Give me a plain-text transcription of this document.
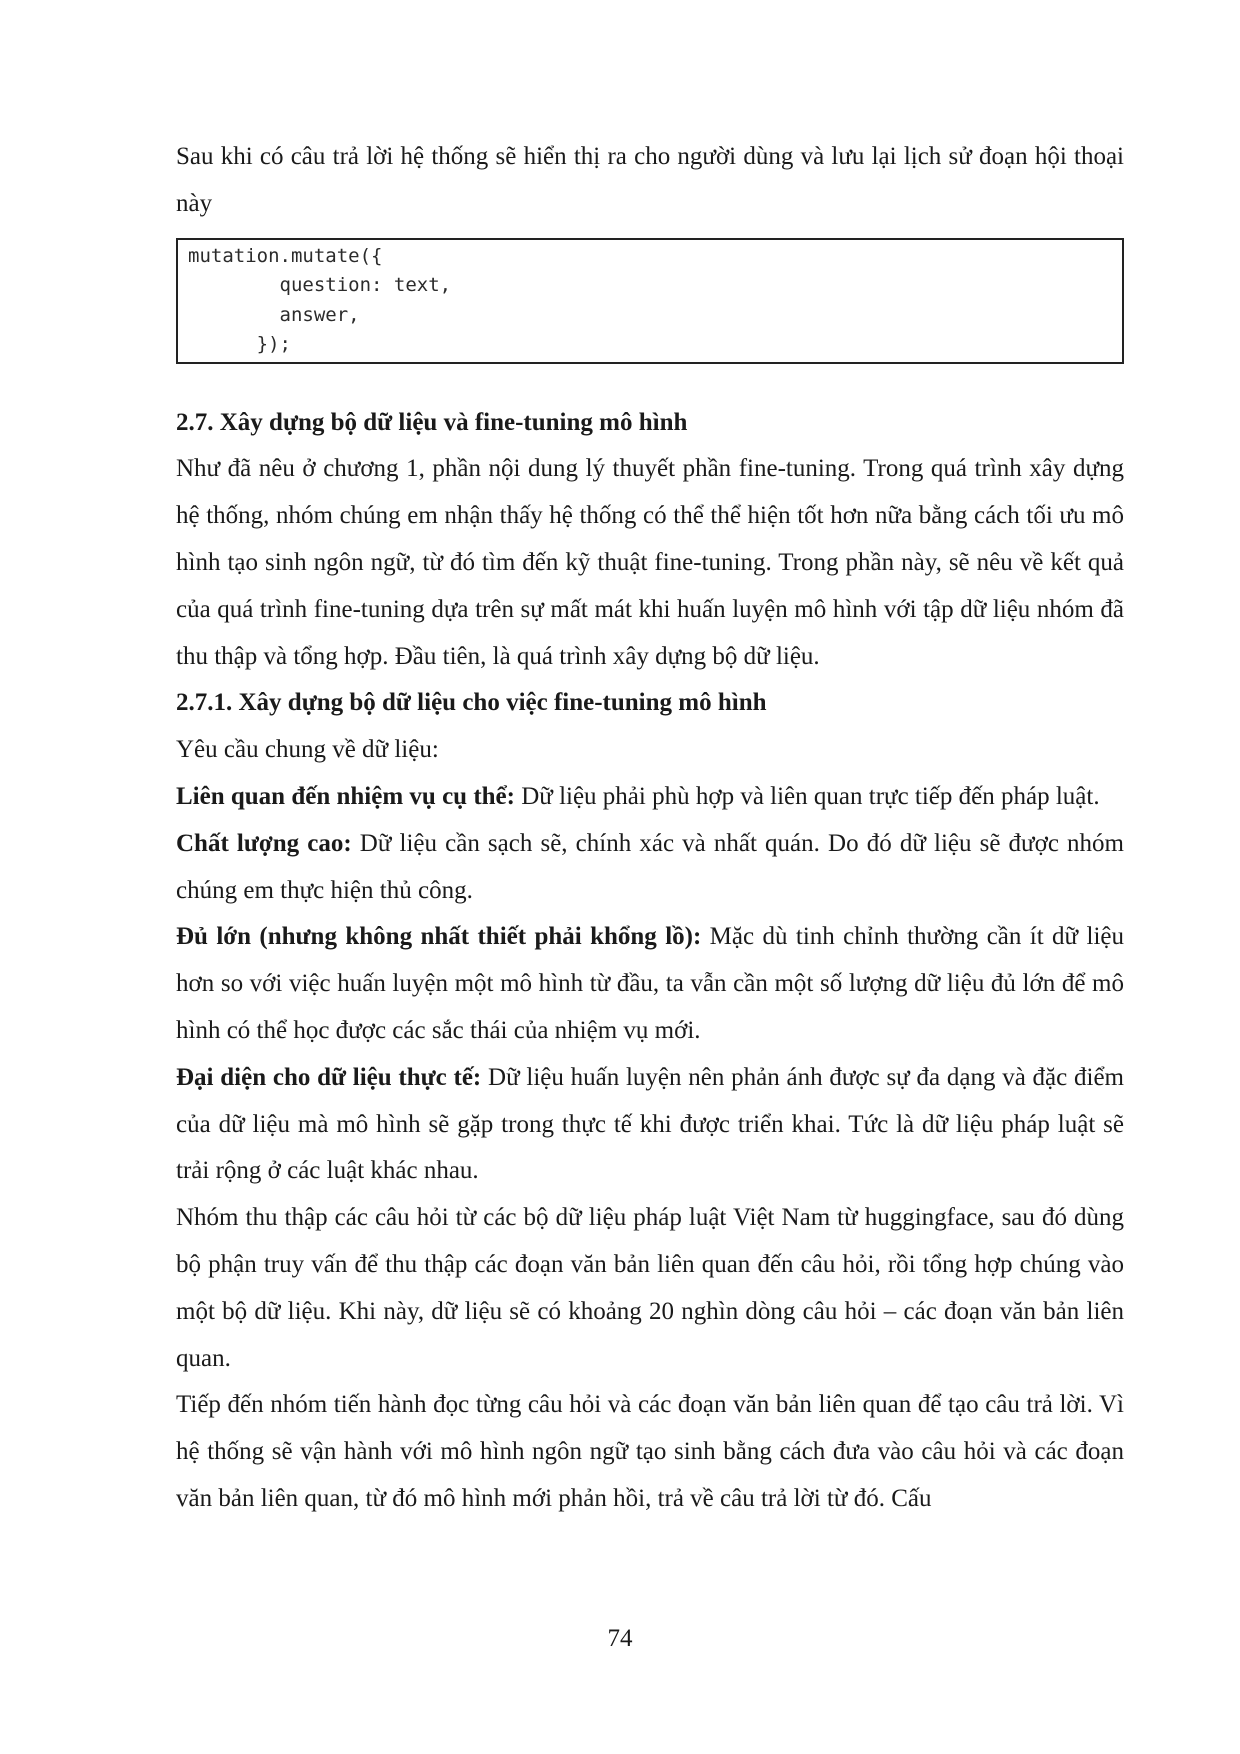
Sau khi có câu trả lời hệ thống sẽ hiển thị ra cho người dùng và lưu lại lịch sử đoạn hội thoại này

mutation.mutate({
question: text,
answer,
});
2.7. Xây dựng bộ dữ liệu và fine-tuning mô hình

Như đã nêu ở chương 1, phần nội dung lý thuyết phần fine-tuning. Trong quá trình xây dựng hệ thống, nhóm chúng em nhận thấy hệ thống có thể thể hiện tốt hơn nữa bằng cách tối ưu mô hình tạo sinh ngôn ngữ, từ đó tìm đến kỹ thuật fine-tuning. Trong phần này, sẽ nêu về kết quả của quá trình fine-tuning dựa trên sự mất mát khi huấn luyện mô hình với tập dữ liệu nhóm đã thu thập và tổng hợp. Đầu tiên, là quá trình xây dựng bộ dữ liệu.

2.7.1. Xây dựng bộ dữ liệu cho việc fine-tuning mô hình

Yêu cầu chung về dữ liệu:

Liên quan đến nhiệm vụ cụ thể: Dữ liệu phải phù hợp và liên quan trực tiếp đến pháp luật.

Chất lượng cao: Dữ liệu cần sạch sẽ, chính xác và nhất quán. Do đó dữ liệu sẽ được nhóm chúng em thực hiện thủ công.

Đủ lớn (nhưng không nhất thiết phải khổng lồ): Mặc dù tinh chỉnh thường cần ít dữ liệu hơn so với việc huấn luyện một mô hình từ đầu, ta vẫn cần một số lượng dữ liệu đủ lớn để mô hình có thể học được các sắc thái của nhiệm vụ mới.

Đại diện cho dữ liệu thực tế: Dữ liệu huấn luyện nên phản ánh được sự đa dạng và đặc điểm của dữ liệu mà mô hình sẽ gặp trong thực tế khi được triển khai. Tức là dữ liệu pháp luật sẽ trải rộng ở các luật khác nhau.

Nhóm thu thập các câu hỏi từ các bộ dữ liệu pháp luật Việt Nam từ huggingface, sau đó dùng bộ phận truy vấn để thu thập các đoạn văn bản liên quan đến câu hỏi, rồi tổng hợp chúng vào một bộ dữ liệu. Khi này, dữ liệu sẽ có khoảng 20 nghìn dòng câu hỏi – các đoạn văn bản liên quan.

Tiếp đến nhóm tiến hành đọc từng câu hỏi và các đoạn văn bản liên quan để tạo câu trả lời. Vì hệ thống sẽ vận hành với mô hình ngôn ngữ tạo sinh bằng cách đưa vào câu hỏi và các đoạn văn bản liên quan, từ đó mô hình mới phản hồi, trả về câu trả lời từ đó. Cấu

74
